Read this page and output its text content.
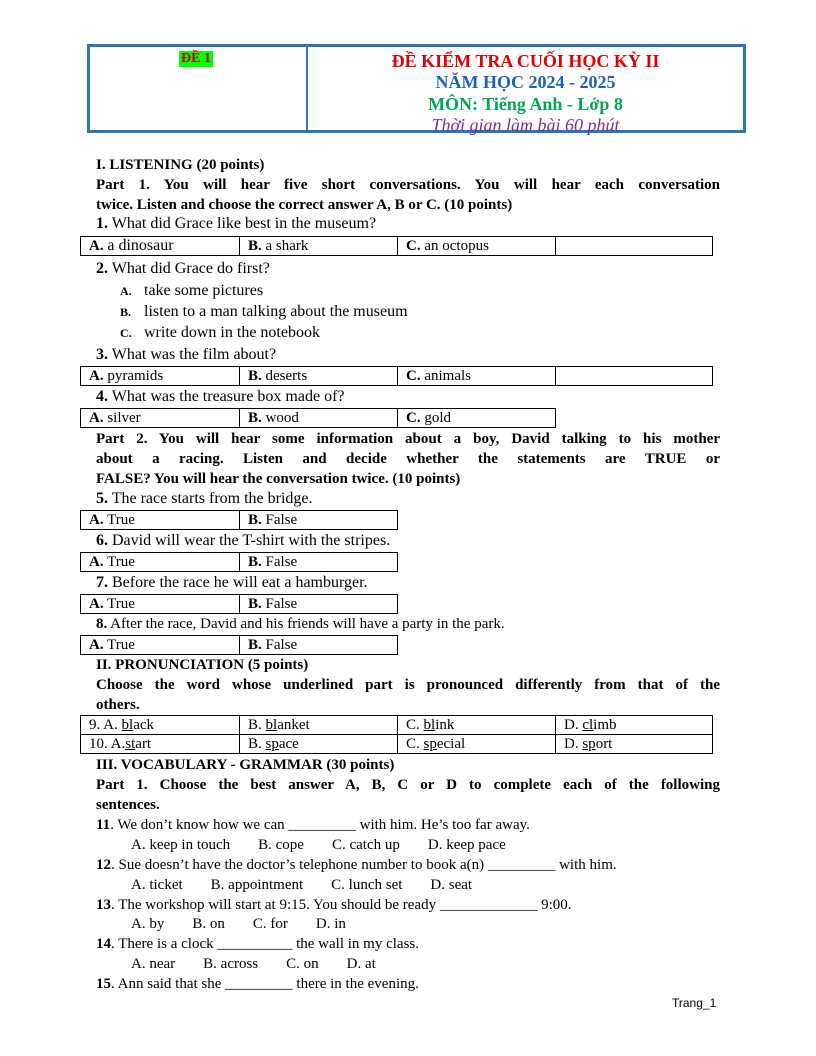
ĐỀ 1	ĐỀ KIỂM TRA CUỐI HỌC KỲ II
NĂM HỌC 2024 - 2025
MÔN: Tiếng Anh - Lớp 8
Thời gian làm bài 60 phút
I. LISTENING (20 points)
Part 1. You will hear five short conversations. You will hear each conversation
twice. Listen and choose the correct answer A, B or C. (10 points)
1. What did Grace like best in the museum?
A. a dinosaur	B. a shark	C. an octopus	
2. What did Grace do first?
A. take some pictures
B. listen to a man talking about the museum
C. write down in the notebook
3. What was the film about?
A. pyramids	B. deserts	C. animals	
4. What was the treasure box made of?
A. silver	B. wood	C. gold
Part 2. You will hear some information about a boy, David talking to his mother
about a racing. Listen and decide whether the statements are TRUE or
FALSE? You will hear the conversation twice. (10 points)
5. The race starts from the bridge.
A. True	B. False
6. David will wear the T-shirt with the stripes.
A. True	B. False
7. Before the race he will eat a hamburger.
A. True	B. False
8. After the race, David and his friends will have a party in the park.
A. True	B. False
II. PRONUNCIATION (5 points)
Choose the word whose underlined part is pronounced differently from that of the
others.
9. A. black	B. blanket	C. blink	D. climb
10. A.start	B. space	C. special	D. sport
III. VOCABULARY - GRAMMAR (30 points)
Part 1. Choose the best answer A, B, C or D to complete each of the following
sentences.
11. We don’t know how we can _________ with him. He’s too far away.
A. keep in touch B. cope C. catch up D. keep pace
12. Sue doesn’t have the doctor’s telephone number to book a(n) _________ with him.
A. ticket B. appointment C. lunch set D. seat
13. The workshop will start at 9:15. You should be ready _____________ 9:00.
A. by B. on C. for D. in
14. There is a clock __________ the wall in my class.
A. near B. across C. on D. at
15. Ann said that she _________ there in the evening.
Trang_1
